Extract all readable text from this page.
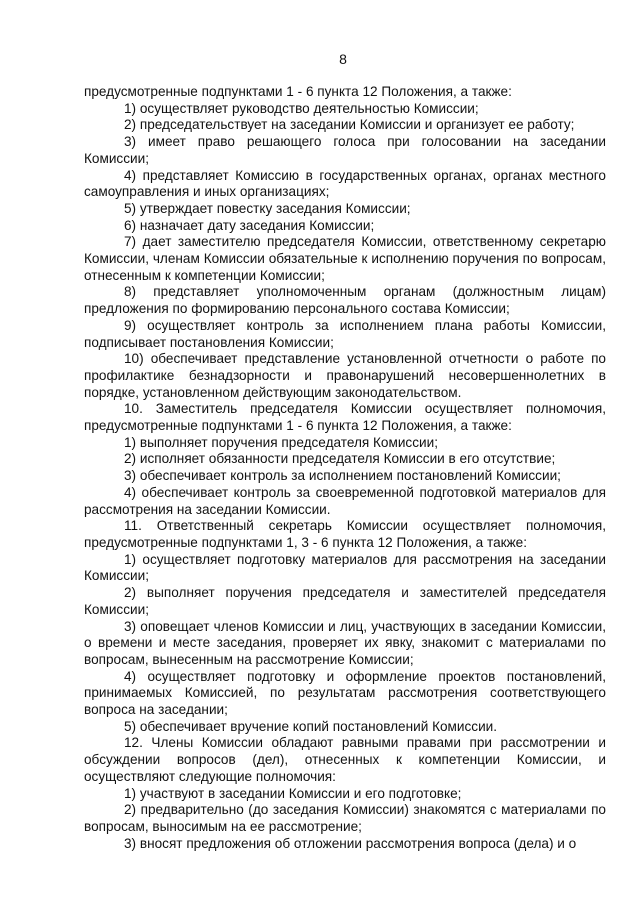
8

предусмотренные подпунктами 1 - 6 пункта 12 Положения, а также:

1) осуществляет руководство деятельностью Комиссии;

2) председательствует на заседании Комиссии и организует ее работу;

3) имеет право решающего голоса при голосовании на заседании Комиссии;

4) представляет Комиссию в государственных органах, органах местного самоуправления и иных организациях;

5) утверждает повестку заседания Комиссии;

6) назначает дату заседания Комиссии;

7) дает заместителю председателя Комиссии, ответственному секретарю Комиссии, членам Комиссии обязательные к исполнению поручения по вопросам, отнесенным к компетенции Комиссии;

8) представляет уполномоченным органам (должностным лицам) предложения по формированию персонального состава Комиссии;

9) осуществляет контроль за исполнением плана работы Комиссии, подписывает постановления Комиссии;

10) обеспечивает представление установленной отчетности о работе по профилактике безнадзорности и правонарушений несовершеннолетних в порядке, установленном действующим законодательством.

10. Заместитель председателя Комиссии осуществляет полномочия, предусмотренные подпунктами 1 - 6 пункта 12 Положения, а также:

1) выполняет поручения председателя Комиссии;

2) исполняет обязанности председателя Комиссии в его отсутствие;

3) обеспечивает контроль за исполнением постановлений Комиссии;

4) обеспечивает контроль за своевременной подготовкой материалов для рассмотрения на заседании Комиссии.

11. Ответственный секретарь Комиссии осуществляет полномочия, предусмотренные подпунктами 1, 3 - 6 пункта 12 Положения, а также:

1) осуществляет подготовку материалов для рассмотрения на заседании Комиссии;

2) выполняет поручения председателя и заместителей председателя Комиссии;

3) оповещает членов Комиссии и лиц, участвующих в заседании Комиссии, о времени и месте заседания, проверяет их явку, знакомит с материалами по вопросам, вынесенным на рассмотрение Комиссии;

4) осуществляет подготовку и оформление проектов постановлений, принимаемых Комиссией, по результатам рассмотрения соответствующего вопроса на заседании;

5) обеспечивает вручение копий постановлений Комиссии.

12. Члены Комиссии обладают равными правами при рассмотрении и обсуждении вопросов (дел), отнесенных к компетенции Комиссии, и осуществляют следующие полномочия:

1) участвуют в заседании Комиссии и его подготовке;

2) предварительно (до заседания Комиссии) знакомятся с материалами по вопросам, выносимым на ее рассмотрение;

3) вносят предложения об отложении рассмотрения вопроса (дела) и о
